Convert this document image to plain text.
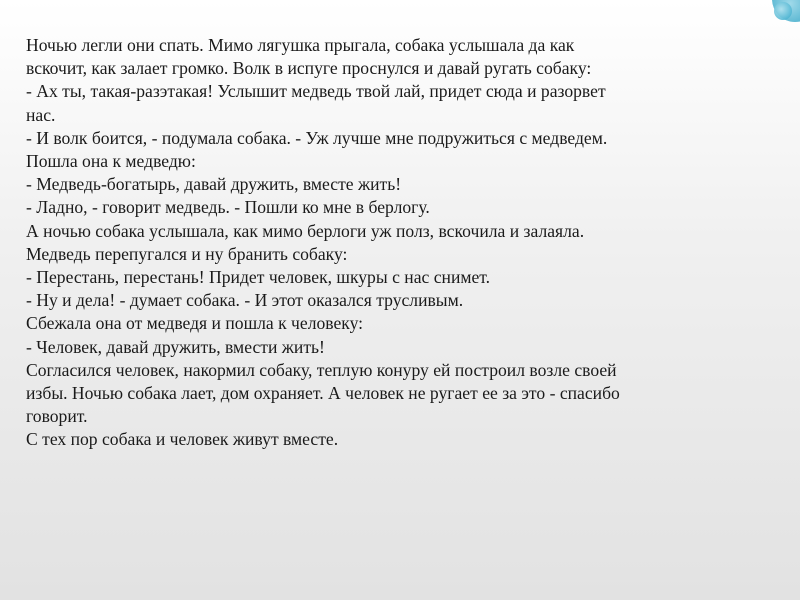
Ночью легли они спать. Мимо лягушка прыгала, собака услышала да как
вскочит, как залает громко. Волк в испуге проснулся и давай ругать собаку:
- Ах ты, такая-разэтакая! Услышит медведь твой лай, придет сюда и разорвет
нас.
- И волк боится, - подумала собака. - Уж лучше мне подружиться с медведем.
Пошла она к медведю:
- Медведь-богатырь, давай дружить, вместе жить!
- Ладно, - говорит медведь. - Пошли ко мне в берлогу.
А ночью собака услышала, как мимо берлоги уж полз, вскочила и залаяла.
Медведь перепугался и ну бранить собаку:
- Перестань, перестань! Придет человек, шкуры с нас снимет.
- Ну и дела! - думает собака. - И этот оказался трусливым.
Сбежала она от медведя и пошла к человеку:
- Человек, давай дружить, вмести жить!
Согласился человек, накормил собаку, теплую конуру ей построил возле своей
избы. Ночью собака лает, дом охраняет. А человек не ругает ее за это - спасибо
говорит.
С тех пор собака и человек живут вместе.
